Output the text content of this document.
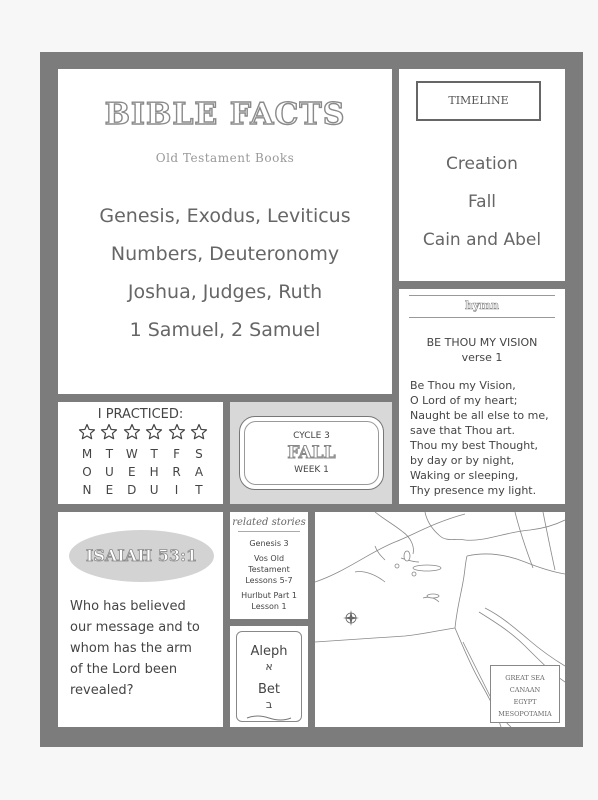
BIBLE FACTS
Old Testament Books
Genesis, Exodus, Leviticus
Numbers, Deuteronomy
Joshua, Judges, Ruth
1 Samuel, 2 Samuel
TIMELINE
Creation
Fall
Cain and Abel
hymn
BE THOU MY VISION
verse 1
Be Thou my Vision,
O Lord of my heart;
Naught be all else to me,
save that Thou art.
Thou my best Thought,
by day or by night,
Waking or sleeping,
Thy presence my light.
I PRACTICED:
M	T	W	T	F	S
O	U	E	H	R	A
N	E	D	U	I	T
CYCLE 3
FALL
WEEK 1
ISAIAH 53:1
Who has believed
our message and to
whom has the arm
of the Lord been
revealed?
related stories
Genesis 3
Vos Old
Testament
Lessons 5-7
Hurlbut Part 1
Lesson 1
Aleph
א
Bet
ב
GREAT SEA
CANAAN
EGYPT
MESOPOTAMIA
